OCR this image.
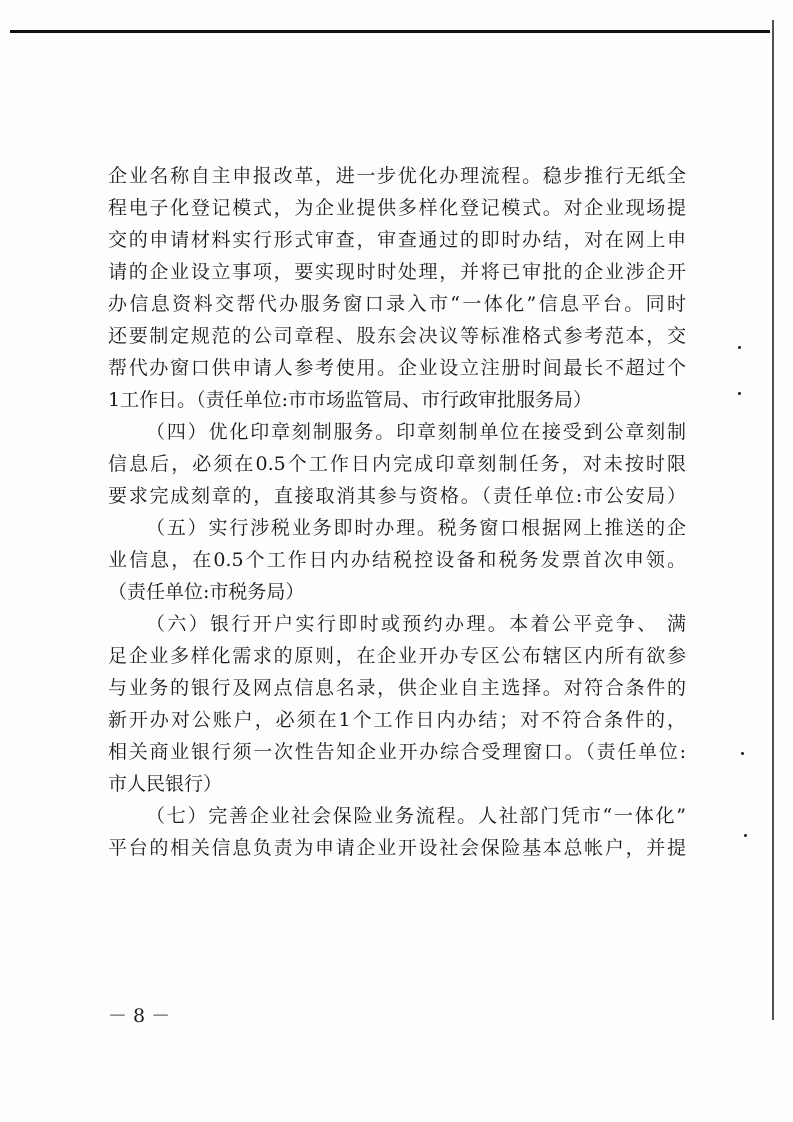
企业名称自主申报改革，进一步优化办理流程。稳步推行无纸全
程电子化登记模式，为企业提供多样化登记模式。对企业现场提
交的申请材料实行形式审查，审查通过的即时办结，对在网上申
请的企业设立事项，要实现时时处理，并将已审批的企业涉企开
办信息资料交帮代办服务窗口录入市“一体化”信息平台。同时
还要制定规范的公司章程、股东会决议等标准格式参考范本，交
帮代办窗口供申请人参考使用。企业设立注册时间最长不超过个
1工作日。（责任单位:市市场监管局、市行政审批服务局）
（四）优化印章刻制服务。印章刻制单位在接受到公章刻制
信息后，必须在0.5个工作日内完成印章刻制任务，对未按时限
要求完成刻章的，直接取消其参与资格。（责任单位:市公安局）
（五）实行涉税业务即时办理。税务窗口根据网上推送的企
业信息，在0.5个工作日内办结税控设备和税务发票首次申领。
（责任单位:市税务局）
（六）银行开户实行即时或预约办理。本着公平竞争、 满
足企业多样化需求的原则，在企业开办专区公布辖区内所有欲参
与业务的银行及网点信息名录，供企业自主选择。对符合条件的
新开办对公账户，必须在1个工作日内办结；对不符合条件的，
相关商业银行须一次性告知企业开办综合受理窗口。（责任单位:
市人民银行）
（七）完善企业社会保险业务流程。人社部门凭市“一体化”
平台的相关信息负责为申请企业开设社会保险基本总帐户，并提
－ 8 －
